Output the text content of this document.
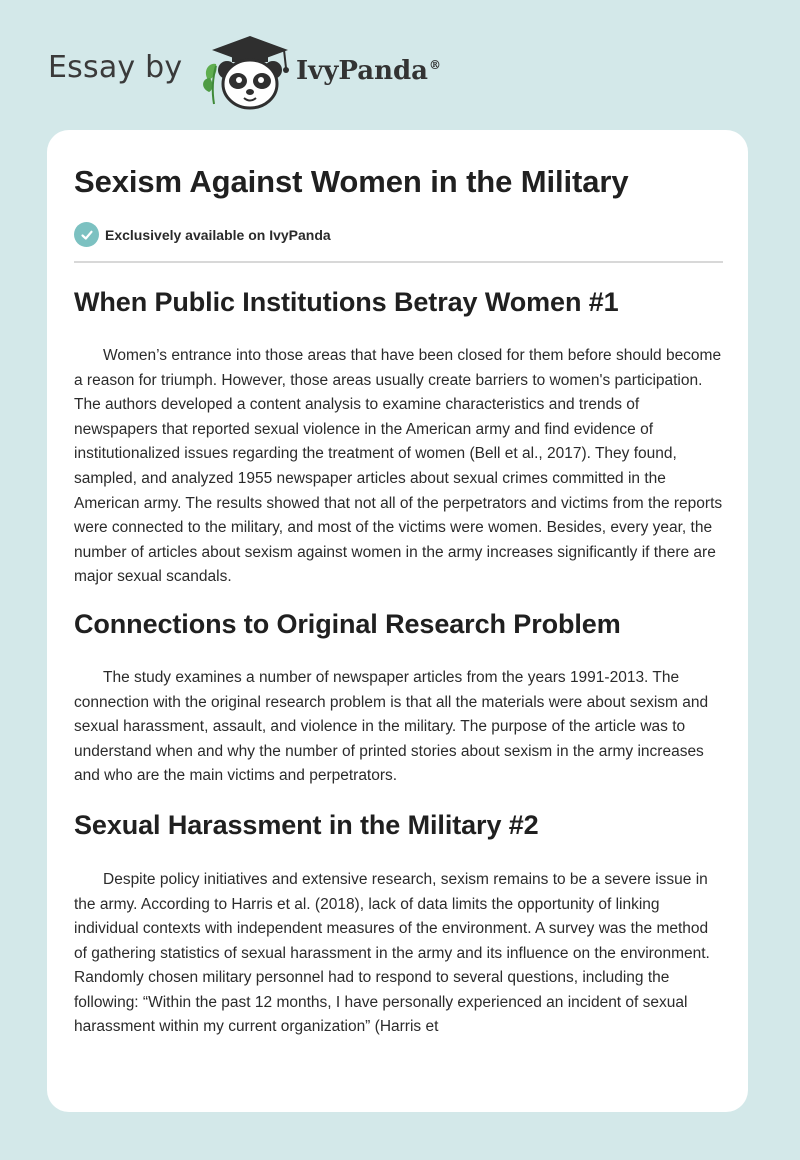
Essay by	IvyPanda®
Sexism Against Women in the Military
Exclusively available on IvyPanda
When Public Institutions Betray Women #1

Women’s entrance into those areas that have been closed for them before should become a reason for triumph. However, those areas usually create barriers to women's participation. The authors developed a content analysis to examine characteristics and trends of newspapers that reported sexual violence in the American army and find evidence of institutionalized issues regarding the treatment of women (Bell et al., 2017). They found, sampled, and analyzed 1955 newspaper articles about sexual crimes committed in the American army. The results showed that not all of the perpetrators and victims from the reports were connected to the military, and most of the victims were women. Besides, every year, the number of articles about sexism against women in the army increases significantly if there are major sexual scandals.

Connections to Original Research Problem

The study examines a number of newspaper articles from the years 1991-2013. The connection with the original research problem is that all the materials were about sexism and sexual harassment, assault, and violence in the military. The purpose of the article was to understand when and why the number of printed stories about sexism in the army increases and who are the main victims and perpetrators.

Sexual Harassment in the Military #2

Despite policy initiatives and extensive research, sexism remains to be a severe issue in the army. According to Harris et al. (2018), lack of data limits the opportunity of linking individual contexts with independent measures of the environment. A survey was the method of gathering statistics of sexual harassment in the army and its influence on the environment. Randomly chosen military personnel had to respond to several questions, including the following: “Within the past 12 months, I have personally experienced an incident of sexual harassment within my current organization” (Harris et
